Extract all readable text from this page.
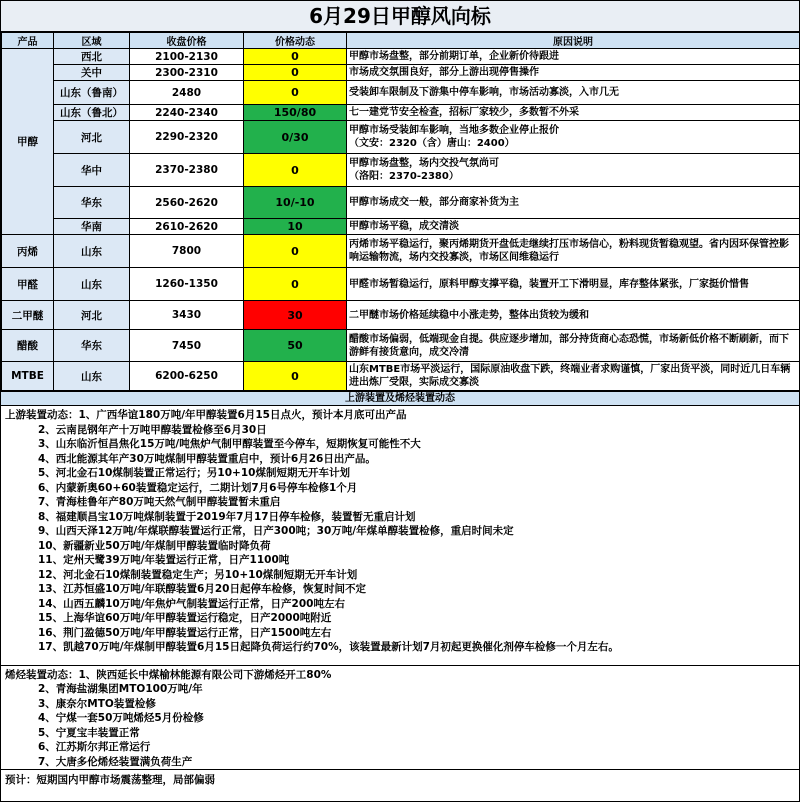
6月29日甲醇风向标
产品	区域	收盘价格	价格动态	原因说明
甲醇	西北	2100-2130	0	甲醇市场盘整，部分前期订单，企业新价待跟进

	关中	2300-2310	0	市场成交氛围良好，部分上游出现停售操作

	山东（鲁南）	2480	0	受装卸车限制及下游集中停车影响，市场活动寡淡，入市几无

	山东（鲁北）	2240-2340	150/80	七一建党节安全检查，招标厂家较少，多数暂不外采

	河北	2290-2320	0/30	甲醇市场受装卸车影响，当地多数企业停止报价
（文安：2320（含）唐山：2400）

	华中	2370-2380	0	甲醇市场盘整，场内交投气氛尚可
（洛阳：2370-2380）

	华东	2560-2620	10/-10	甲醇市场成交一般，部分商家补货为主

	华南	2610-2620	10	甲醇市场平稳，成交清淡

丙烯	山东	7800	0	丙烯市场平稳运行，聚丙烯期货开盘低走继续打压市场信心，粉料现货暂稳观望。省内因环保管控影响运输物流，场内交投寡淡，市场区间维稳运行
甲醛	山东	1260-1350	0	甲醛市场暂稳运行，原料甲醇支撑平稳，装置开工下滑明显，库存整体紧张，厂家挺价惜售
二甲醚	河北	3430	30	二甲醚市场价格延续稳中小涨走势，整体出货较为缓和
醋酸	华东	7450	50	醋酸市场偏弱，低端现金自提。供应逐步增加，部分持货商心态恐慌，市场新低价格不断刷新，而下游鲜有接货意向，成交冷清
MTBE	山东	6200-6250	0	山东MTBE市场平淡运行，国际原油收盘下跌，终端业者求购谨慎，厂家出货平淡，同时近几日车辆进出炼厂受限，实际成交寡淡
上游装置及烯烃装置动态
上游装置动态：1、广西华谊180万吨/年甲醇装置6月15日点火，预计本月底可出产品
2、云南昆钢年产十万吨甲醇装置检修至6月30日
3、山东临沂恒昌焦化15万吨/吨焦炉气制甲醇装置至今停车，短期恢复可能性不大
4、西北能源其年产30万吨煤制甲醇装置重启中，预计6月26日出产品。
5、河北金石10煤制装置正常运行；另10+10煤制短期无开车计划
6、内蒙新奥60+60装置稳定运行，二期计划7月6号停车检修1个月
7、青海桂鲁年产80万吨天然气制甲醇装置暂未重启
8、福建顺昌宝10万吨煤制装置于2019年7月17日停车检修，装置暂无重启计划
9、山西天泽12万吨/年煤联醇装置运行正常，日产300吨；30万吨/年煤单醇装置检修，重启时间未定
10、新疆新业50万吨/年煤制甲醇装置临时降负荷
11、定州天鹭39万吨/年装置运行正常，日产1100吨
12、河北金石10煤制装置稳定生产；另10+10煤制短期无开车计划
13、江苏恒盛10万吨/年联醇装置6月20日起停车检修，恢复时间不定
14、山西五麟10万吨/年焦炉气制装置运行正常，日产200吨左右
15、上海华谊60万吨/年甲醇装置运行稳定，日产2000吨附近
16、荆门盈德50万吨/年甲醇装置运行正常，日产1500吨左右
17、凯越70万吨/年煤制甲醇装置6月15日起降负荷运行约70%，该装置最新计划7月初起更换催化剂停车检修一个月左右。
烯烃装置动态：1、陕西延长中煤榆林能源有限公司下游烯烃开工80%
2、青海盐湖集团MTO100万吨/年
3、康奈尔MTO装置检修
4、宁煤一套50万吨烯烃5月份检修
5、宁夏宝丰装置正常
6、江苏斯尔邦正常运行
7、大唐多伦烯烃装置满负荷生产
预计：短期国内甲醇市场震荡整理，局部偏弱
